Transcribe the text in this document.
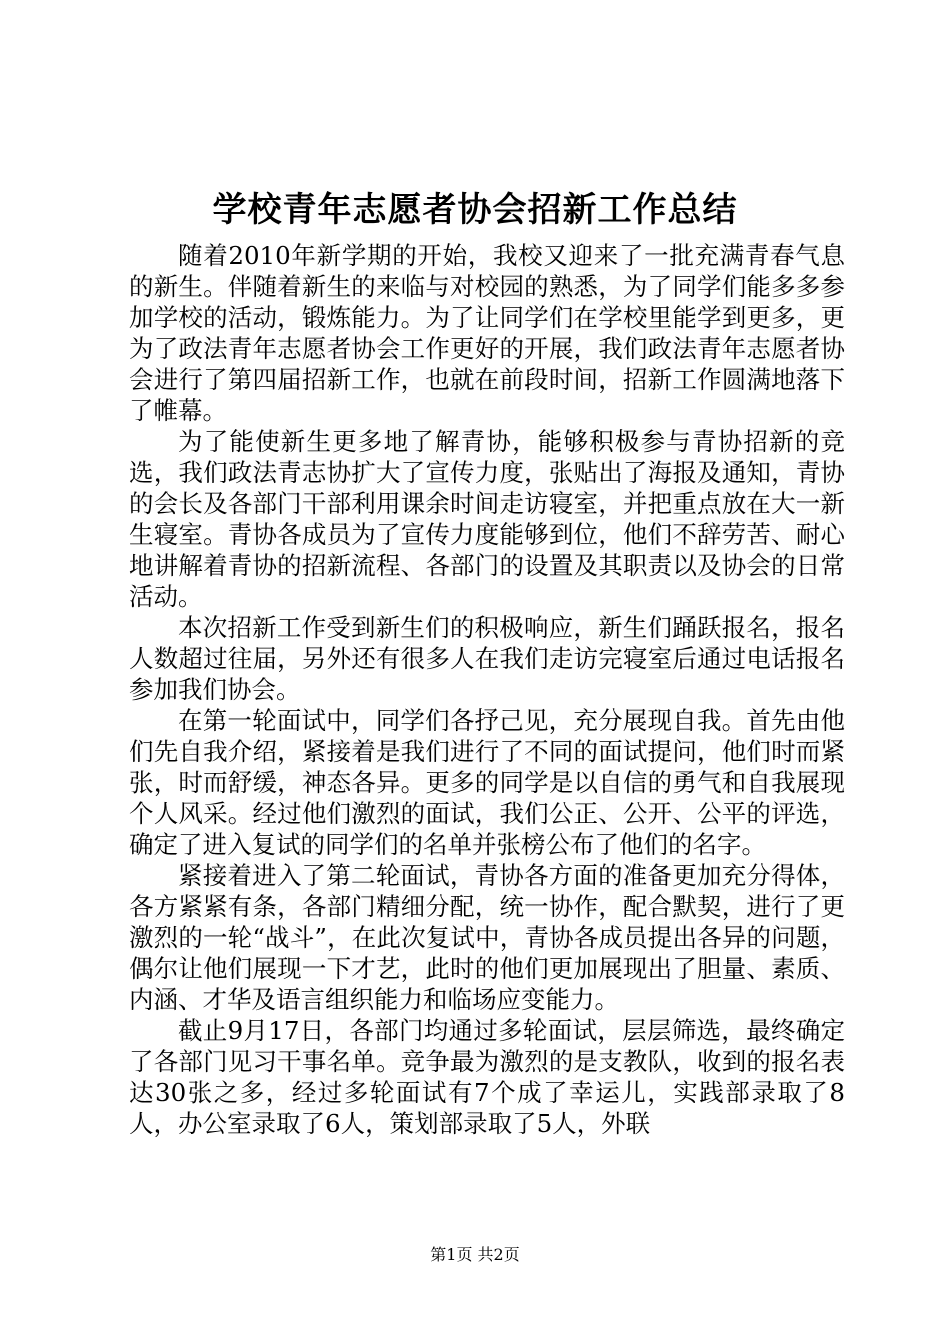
学校青年志愿者协会招新工作总结

随着2010年新学期的开始，我校又迎来了一批充满青春气息的新生。伴随着新生的来临与对校园的熟悉，为了同学们能多多参加学校的活动，锻炼能力。为了让同学们在学校里能学到更多，更为了政法青年志愿者协会工作更好的开展，我们政法青年志愿者协会进行了第四届招新工作，也就在前段时间，招新工作圆满地落下了帷幕。

为了能使新生更多地了解青协，能够积极参与青协招新的竞选，我们政法青志协扩大了宣传力度，张贴出了海报及通知，青协的会长及各部门干部利用课余时间走访寝室，并把重点放在大一新生寝室。青协各成员为了宣传力度能够到位，他们不辞劳苦、耐心地讲解着青协的招新流程、各部门的设置及其职责以及协会的日常活动。

本次招新工作受到新生们的积极响应，新生们踊跃报名，报名人数超过往届，另外还有很多人在我们走访完寝室后通过电话报名参加我们协会。

在第一轮面试中，同学们各抒己见，充分展现自我。首先由他们先自我介绍，紧接着是我们进行了不同的面试提问，他们时而紧张，时而舒缓，神态各异。更多的同学是以自信的勇气和自我展现个人风采。经过他们激烈的面试，我们公正、公开、公平的评选，确定了进入复试的同学们的名单并张榜公布了他们的名字。

紧接着进入了第二轮面试，青协各方面的准备更加充分得体，各方紧紧有条，各部门精细分配，统一协作，配合默契，进行了更激烈的一轮“战斗”，在此次复试中，青协各成员提出各异的问题，偶尔让他们展现一下才艺，此时的他们更加展现出了胆量、素质、内涵、才华及语言组织能力和临场应变能力。

截止9月17日，各部门均通过多轮面试，层层筛选，最终确定了各部门见习干事名单。竞争最为激烈的是支教队，收到的报名表达30张之多，经过多轮面试有7个成了幸运儿，实践部录取了8人，办公室录取了6人，策划部录取了5人，外联

第1页 共2页
